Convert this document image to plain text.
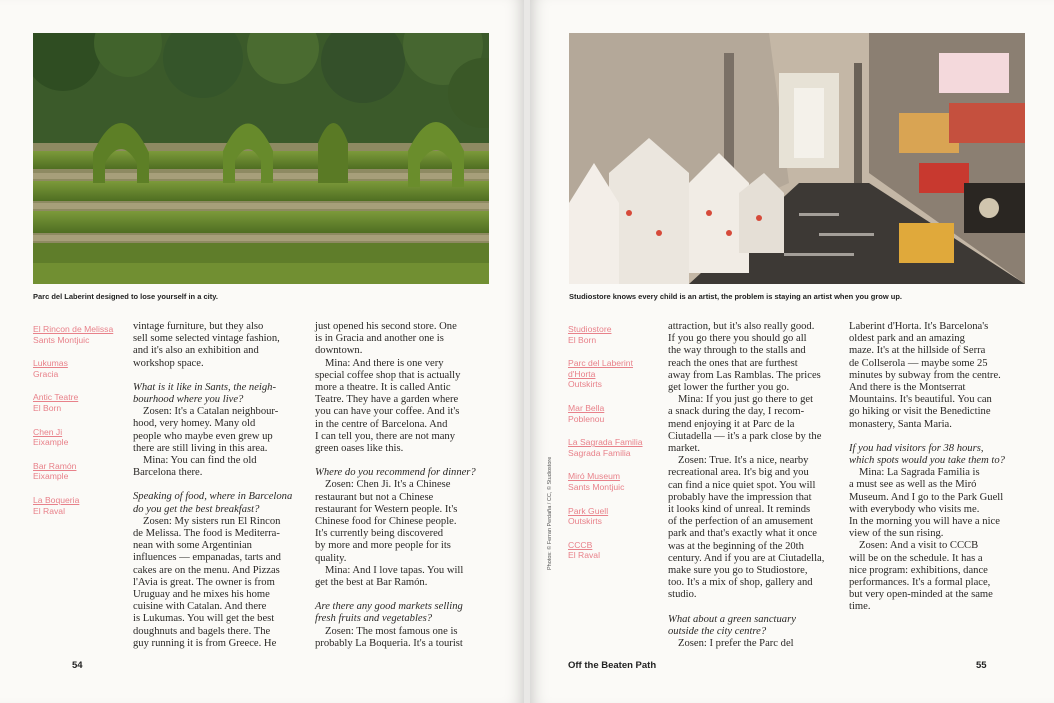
Parc del Laberint designed to lose yourself in a city.
El Rincon de Melissa
Sants Montjuic
Lukumas
Gracia
Antic Teatre
El Born
Chen Ji
Eixample
Bar Ramón
Eixample
La Boqueria
El Raval

vintage furniture, but they also
sell some selected vintage fashion,
and it's also an exhibition and
workshop space.

What is it like in Sants, the neigh-
bourhood where you live?

Zosen: It's a Catalan neighbour-
hood, very homey. Many old
people who maybe even grew up
there are still living in this area.

Mina: You can find the old
Barcelona there.

Speaking of food, where in Barcelona
do you get the best breakfast?

Zosen: My sisters run El Rincon
de Melissa. The food is Mediterra-
nean with some Argentinian
influences — empanadas, tarts and
cakes are on the menu. And Pizzas
l'Avia is great. The owner is from
Uruguay and he mixes his home
cuisine with Catalan. And there
is Lukumas. You will get the best
doughnuts and bagels there. The
guy running it is from Greece. He

just opened his second store. One
is in Gracia and another one is
downtown.

Mina: And there is one very
special coffee shop that is actually
more a theatre. It is called Antic
Teatre. They have a garden where
you can have your coffee. And it's
in the centre of Barcelona. And
I can tell you, there are not many
green oases like this.

Where do you recommend for dinner?

Zosen: Chen Ji. It's a Chinese
restaurant but not a Chinese
restaurant for Western people. It's
Chinese food for Chinese people.
It's currently being discovered
by more and more people for its
quality.

Mina: And I love tapas. You will
get the best at Bar Ramón.

Are there any good markets selling
fresh fruits and vegetables?

Zosen: The most famous one is
probably La Boqueria. It's a tourist

54
Studiostore knows every child is an artist, the problem is staying an artist when you grow up.
Studiostore
El Born
Parc del Laberint
d'Horta
Outskirts
Mar Bella
Poblenou
La Sagrada Familia
Sagrada Familia
Miró Museum
Sants Montjuic
Park Guell
Outskirts
CCCB
El Raval

attraction, but it's also really good.
If you go there you should go all
the way through to the stalls and
reach the ones that are furthest
away from Las Ramblas. The prices
get lower the further you go.

Mina: If you just go there to get
a snack during the day, I recom-
mend enjoying it at Parc de la
Ciutadella — it's a park close by the
market.

Zosen: True. It's a nice, nearby
recreational area. It's big and you
can find a nice quiet spot. You will
probably have the impression that
it looks kind of unreal. It reminds
of the perfection of an amusement
park and that's exactly what it once
was at the beginning of the 20th
century. And if you are at Ciutadella,
make sure you go to Studiostore,
too. It's a mix of shop, gallery and
studio.

What about a green sanctuary
outside the city centre?

Zosen: I prefer the Parc del

Laberint d'Horta. It's Barcelona's
oldest park and an amazing
maze. It's at the hillside of Serra
de Collserola — maybe some 25
minutes by subway from the centre.
And there is the Montserrat
Mountains. It's beautiful. You can
go hiking or visit the Benedictine
monastery, Santa Maria.

If you had visitors for 38 hours,
which spots would you take them to?

Mina: La Sagrada Familia is
a must see as well as the Miró
Museum. And I go to the Park Guell
with everybody who visits me.
In the morning you will have a nice
view of the sun rising.

Zosen: And a visit to CCCB
will be on the schedule. It has a
nice program: exhibitions, dance
performances. It's a formal place,
but very open-minded at the same
time.

Photos: © Ferran Perdaña / CC, © Studiostore
Off the Beaten Path	55
